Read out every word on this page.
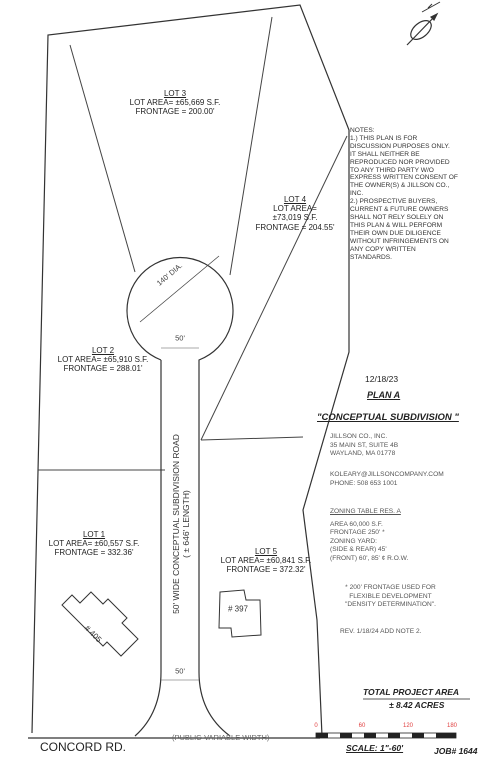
LOT 3
LOT AREA= ±65,669 S.F.
FRONTAGE = 200.00'
LOT 4
LOT AREA=
±73,019 S.F.
FRONTAGE = 204.55'
LOT 2
LOT AREA= ±65,910 S.F.
FRONTAGE = 288.01'
LOT 1
LOT AREA= ±60,557 S.F.
FRONTAGE = 332.36'	LOT 5
LOT AREA= ±60,841 S.F.
FRONTAGE = 372.32'
140' DIA.
50'
50'
50' WIDE CONCEPTUAL SUBDIVISION ROAD ( ± 646' LENGTH)
# 405
# 397
NOTES:
1.) THIS PLAN IS FOR
DISCUSSION PURPOSES ONLY.
IT SHALL NEITHER BE
REPRODUCED NOR PROVIDED
TO ANY THIRD PARTY W/O
EXPRESS WRITTEN CONSENT OF
THE OWNER(S) & JILLSON CO.,
INC.
2.) PROSPECTIVE BUYERS,
CURRENT & FUTURE OWNERS
SHALL NOT RELY SOLELY ON
THIS PLAN & WILL PERFORM
THEIR OWN DUE DILIGENCE
WITHOUT INFRINGEMENTS ON
ANY COPY WRITTEN
STANDARDS.
12/18/23
PLAN A
"CONCEPTUAL SUBDIVISION "
JILLSON CO., INC.
35 MAIN ST, SUITE 4B
WAYLAND, MA 01778
KOLEARY@JILLSONCOMPANY.COM
PHONE: 508 653 1001
ZONING TABLE RES. A
AREA 60,000 S.F.
FRONTAGE 250' *
ZONING YARD:
(SIDE & REAR) 45'
(FRONT) 60', 85' ¢ R.O.W.
* 200' FRONTAGE USED FOR
FLEXIBLE DEVELOPMENT
"DENSITY DETERMINATION".
REV. 1/18/24 ADD NOTE 2.
TOTAL PROJECT AREA
± 8.42 ACRES
0	60	120	180
SCALE: 1"-60'	JOB# 1644
CONCORD RD.
(PUBLIC-VARIABLE WIDTH)
